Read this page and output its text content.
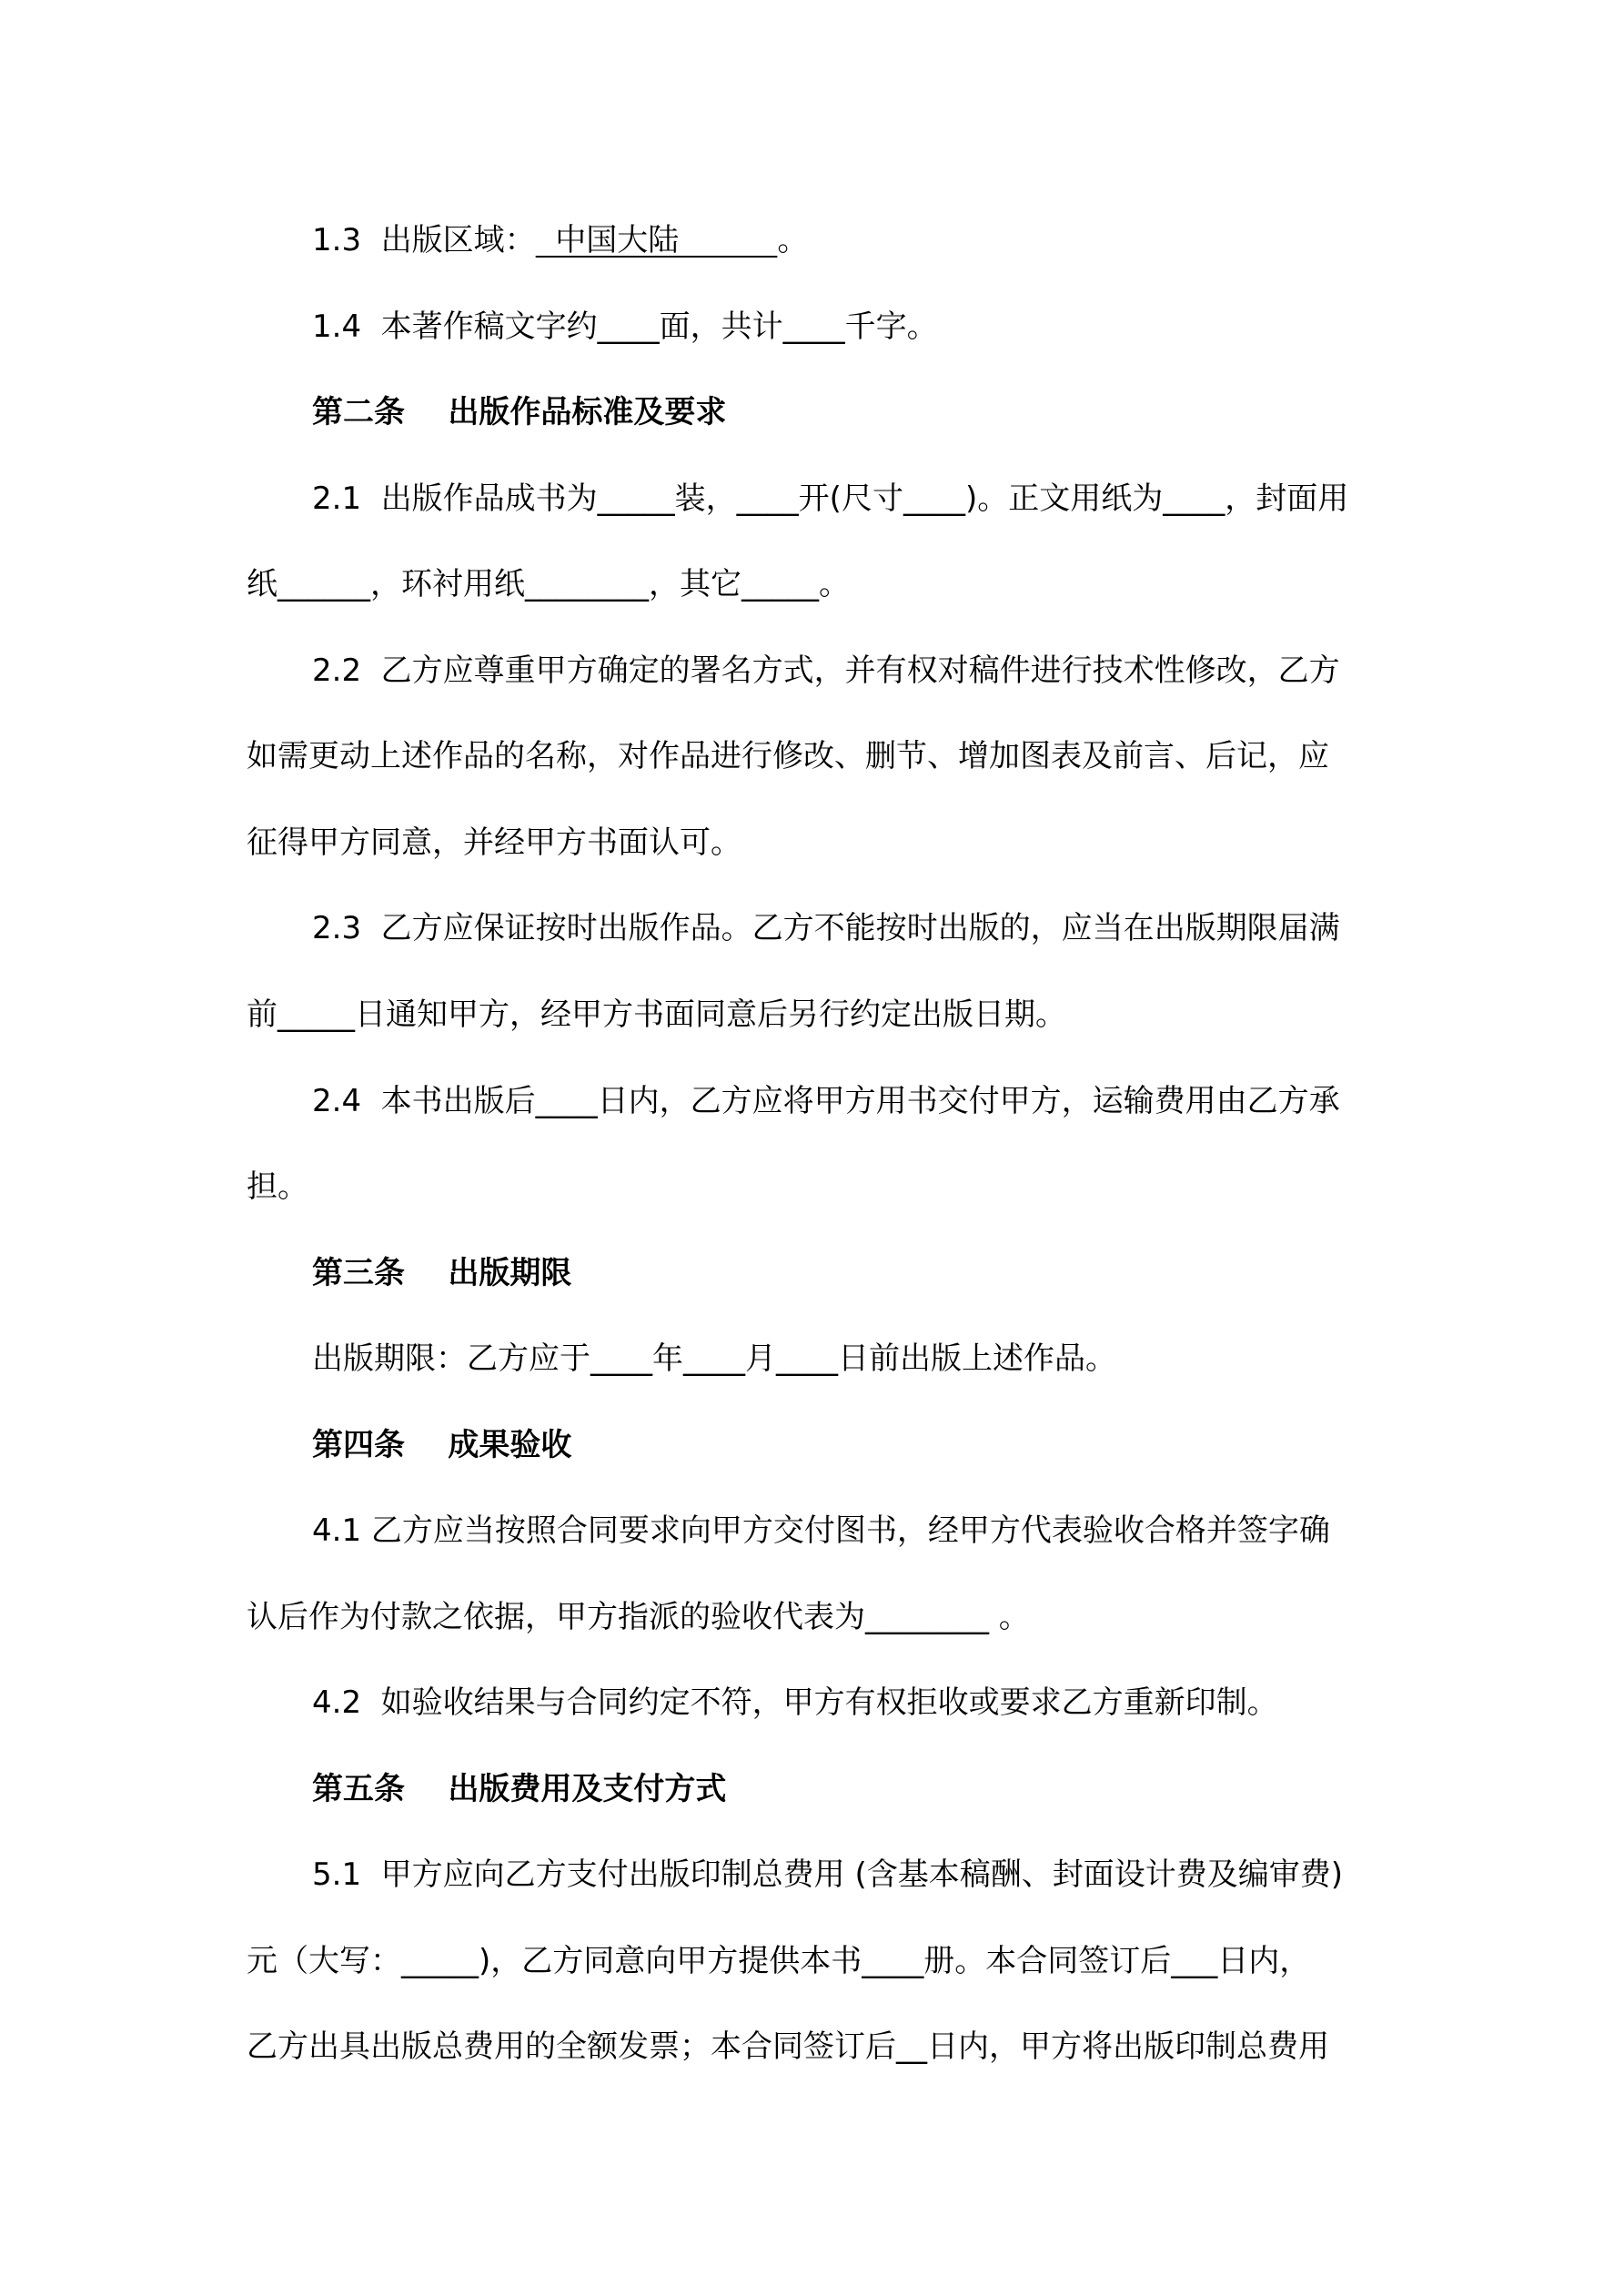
1.3  出版区域：  中国大陆          。
1.4  本著作稿文字约____面，共计____千字。
第二条    出版作品标准及要求
2.1  出版作品成书为_____装，____开(尺寸____)。正文用纸为____，封面用
纸______，环衬用纸________，其它_____。
2.2  乙方应尊重甲方确定的署名方式，并有权对稿件进行技术性修改，乙方
如需更动上述作品的名称，对作品进行修改、删节、增加图表及前言、后记，应
征得甲方同意，并经甲方书面认可。
2.3  乙方应保证按时出版作品。乙方不能按时出版的，应当在出版期限届满
前_____日通知甲方，经甲方书面同意后另行约定出版日期。
2.4  本书出版后____日内，乙方应将甲方用书交付甲方，运输费用由乙方承
担。
第三条    出版期限
出版期限：乙方应于____年____月____日前出版上述作品。
第四条    成果验收
4.1 乙方应当按照合同要求向甲方交付图书，经甲方代表验收合格并签字确
认后作为付款之依据，甲方指派的验收代表为________ 。
4.2  如验收结果与合同约定不符，甲方有权拒收或要求乙方重新印制。
第五条    出版费用及支付方式
5.1  甲方应向乙方支付出版印制总费用 (含基本稿酬、封面设计费及编审费)
元（大写：_____)，乙方同意向甲方提供本书____册。本合同签订后___日内，
乙方出具出版总费用的全额发票；本合同签订后__日内，甲方将出版印制总费用
